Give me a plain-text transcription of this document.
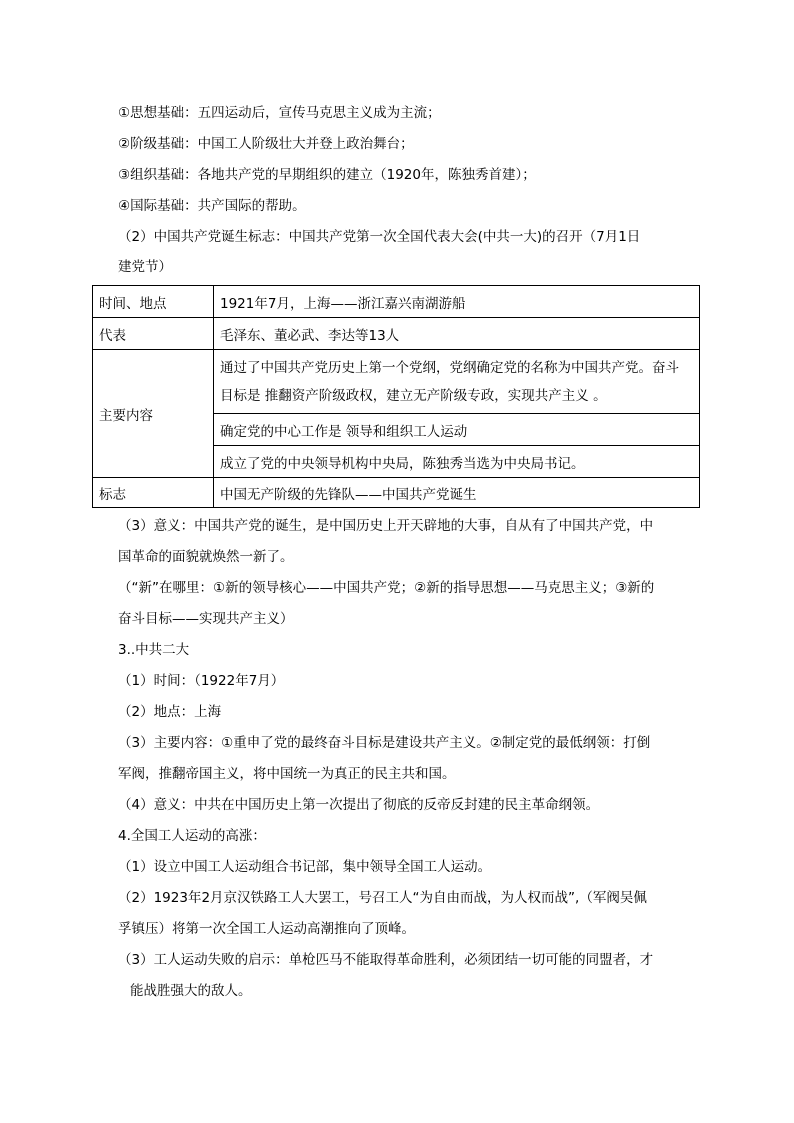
①思想基础：五四运动后，宣传马克思主义成为主流；
②阶级基础：中国工人阶级壮大并登上政治舞台；
③组织基础：各地共产党的早期组织的建立（1920年，陈独秀首建）；
④国际基础：共产国际的帮助。
（2）中国共产党诞生标志：中国共产党第一次全国代表大会(中共一大)的召开（7月1日
建党节）
时间、地点	1921年7月，上海——浙江嘉兴南湖游船
代表	毛泽东、董必武、李达等13人
主要内容	通过了中国共产党历史上第一个党纲，党纲确定党的名称为中国共产党。奋斗
目标是 推翻资产阶级政权，建立无产阶级专政，实现共产主义 。

	确定党的中心工作是 领导和组织工人运动
	成立了党的中央领导机构中央局，陈独秀当选为中央局书记。
标志	中国无产阶级的先锋队——中国共产党诞生
（3）意义：中国共产党的诞生，是中国历史上开天辟地的大事，自从有了中国共产党，中
国革命的面貌就焕然一新了。
（“新”在哪里：①新的领导核心——中国共产党；②新的指导思想——马克思主义；③新的
奋斗目标——实现共产主义）
3..中共二大
（1）时间：（1922年7月）
（2）地点：上海
（3）主要内容：①重申了党的最终奋斗目标是建设共产主义。②制定党的最低纲领：打倒
军阀，推翻帝国主义，将中国统一为真正的民主共和国。
（4）意义：中共在中国历史上第一次提出了彻底的反帝反封建的民主革命纲领。
4.全国工人运动的高涨：
（1）设立中国工人运动组合书记部，集中领导全国工人运动。
（2）1923年2月京汉铁路工人大罢工，号召工人“为自由而战，为人权而战”,（军阀吴佩
孚镇压）将第一次全国工人运动高潮推向了顶峰。
（3）工人运动失败的启示：单枪匹马不能取得革命胜利，必须团结一切可能的同盟者，才
能战胜强大的敌人。
